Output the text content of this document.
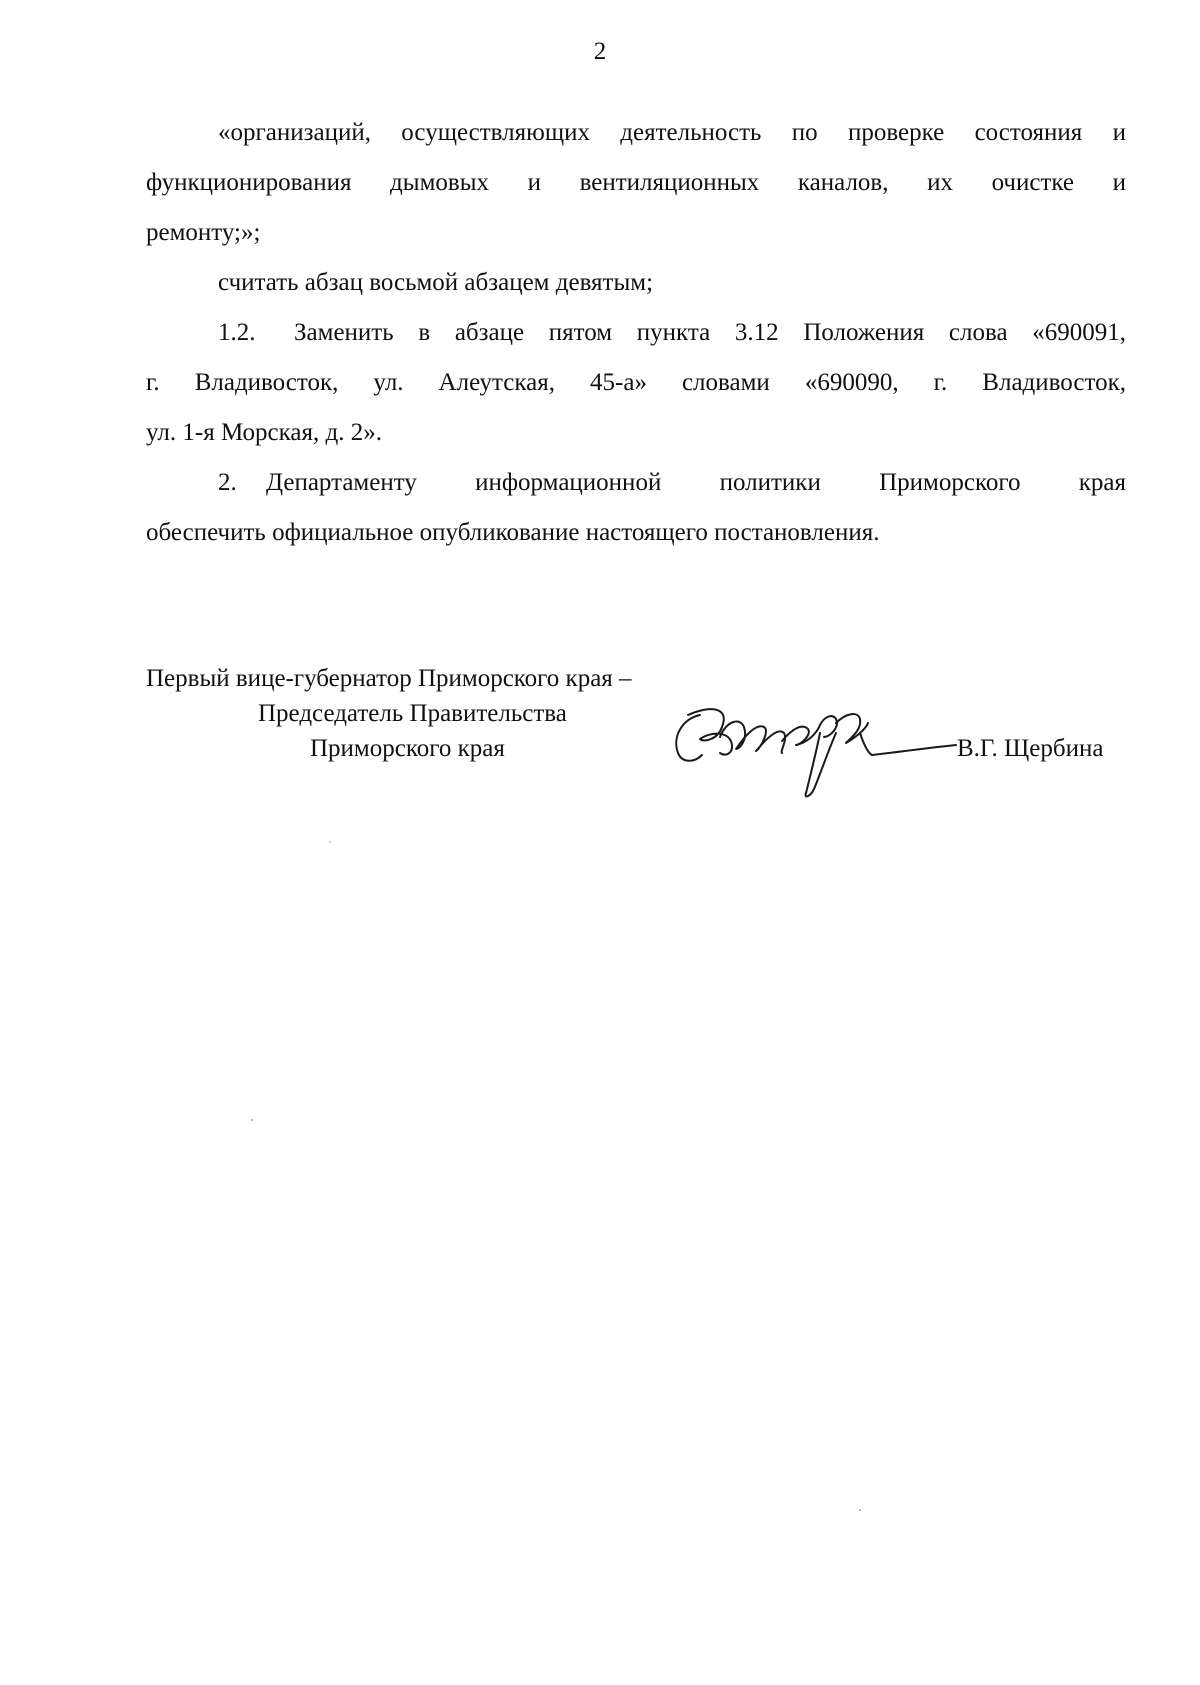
2

«организаций, осуществляющих деятельность по проверке состояния и

функционирования дымовых и вентиляционных каналов, их очистке и

ремонту;»;

считать абзац восьмой абзацем девятым;

1.2. Заменить в абзаце пятом пункта 3.12 Положения слова «690091,

г. Владивосток, ул. Алеутская, 45-а» словами «690090, г. Владивосток,

ул. 1-я Морская, д. 2».

2. Департаменту информационной политики Приморского края

обеспечить официальное опубликование настоящего постановления.

Первый вице-губернатор Приморского края –
Председатель Правительства
Приморского края	В.Г. Щербина
